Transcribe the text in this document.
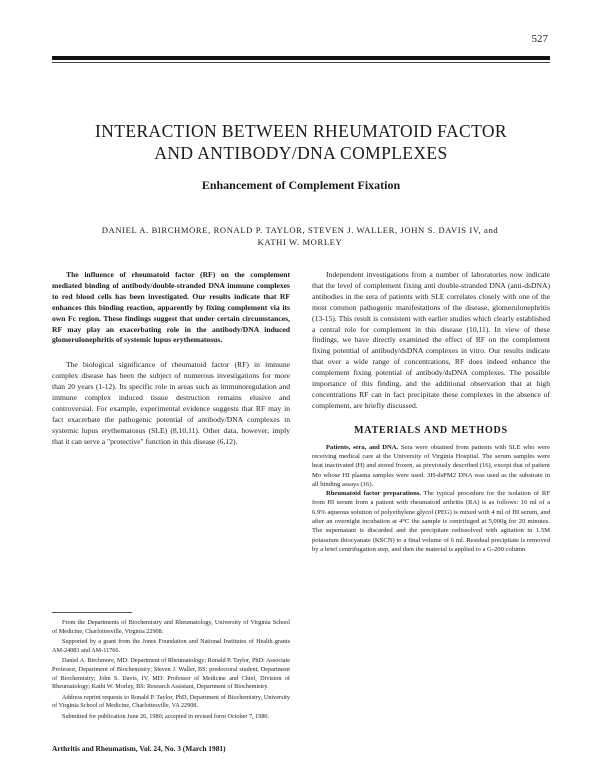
527
INTERACTION BETWEEN RHEUMATOID FACTOR
AND ANTIBODY/DNA COMPLEXES
Enhancement of Complement Fixation
DANIEL A. BIRCHMORE, RONALD P. TAYLOR, STEVEN J. WALLER, JOHN S. DAVIS IV, and
KATHI W. MORLEY

The influence of rheumatoid factor (RF) on the complement mediated binding of antibody/double-stranded DNA immune complexes to red blood cells has been investigated. Our results indicate that RF enhances this binding reaction, apparently by fixing complement via its own Fc region. These findings suggest that under certain circumstances, RF may play an exacerbating role in the antibody/DNA induced glomerulonephritis of systemic lupus erythematosus.

The biological significance of rheumatoid factor (RF) in immune complex disease has been the subject of numerous investigations for more than 20 years (1-12). Its specific role in areas such as immunoregulation and immune complex induced tissue destruction remains elusive and controversial. For example, experimental evidence suggests that RF may in fact exacerbate the pathogenic potential of antibody/DNA complexes in systemic lupus erythematosus (SLE) (8,10,11). Other data, however, imply that it can serve a "protective" function in this disease (6,12).

From the Departments of Biochemistry and Rheumatology, University of Virginia School of Medicine, Charlottesville, Virginia 22908.

Supported by a grant from the Jones Foundation and National Institutes of Health grants AM-24083 and AM-11766.

Daniel A. Birchmore, MD: Department of Rheumatology; Ronald P. Taylor, PhD: Associate Professor, Department of Biochemistry; Steven J. Waller, BS: predoctoral student, Department of Biochemistry; John S. Davis, IV, MD: Professor of Medicine and Chief, Division of Rheumatology; Kathi W. Morley, BS: Research Assistant, Department of Biochemistry.

Address reprint requests to Ronald P. Taylor, PhD, Department of Biochemistry, University of Virginia School of Medicine, Charlottesville, VA 22908.

Submitted for publication June 26, 1980; accepted in revised form October 7, 1980.

Arthritis and Rheumatism, Vol. 24, No. 3 (March 1981)

Independent investigations from a number of laboratories now indicate that the level of complement fixing anti double-stranded DNA (anti-dsDNA) antibodies in the sera of patients with SLE correlates closely with one of the most common pathogenic manifestations of the disease, glomerulonephritis (13-15). This result is consistent with earlier studies which clearly established a central role for complement in this disease (10,11). In view of these findings, we have directly examined the effect of RF on the complement fixing potential of antibody/dsDNA complexes in vitro. Our results indicate that over a wide range of concentrations, RF does indeed enhance the complement fixing potential of antibody/dsDNA complexes. The possible importance of this finding, and the additional observation that at high concentrations RF can in fact precipitate these complexes in the absence of complement, are briefly discussed.

MATERIALS AND METHODS

Patients, sera, and DNA. Sera were obtained from patients with SLE who were receiving medical care at the University of Virginia Hospital. The serum samples were heat inactivated (H) and stored frozen, as previously described (16), except that of patient Mo whose HI plasma samples were used. 3H-dsPM2 DNA was used as the substrate in all binding assays (16).

Rheumatoid factor preparations. The typical procedure for the isolation of RF from HI serum from a patient with rheumatoid arthritis (RA) is as follows: 16 ml of a 6.9% aqueous solution of polyethylene glycol (PEG) is mixed with 4 ml of HI serum, and after an overnight incubation at 4°C the sample is centrifuged at 5,000g for 20 minutes. The supernatant is discarded and the precipitate redissolved with agitation in 1.5M potassium thiocyanate (KSCN) to a final volume of 6 ml. Residual precipitate is removed by a brief centrifugation step, and then the material is applied to a G-200 column
